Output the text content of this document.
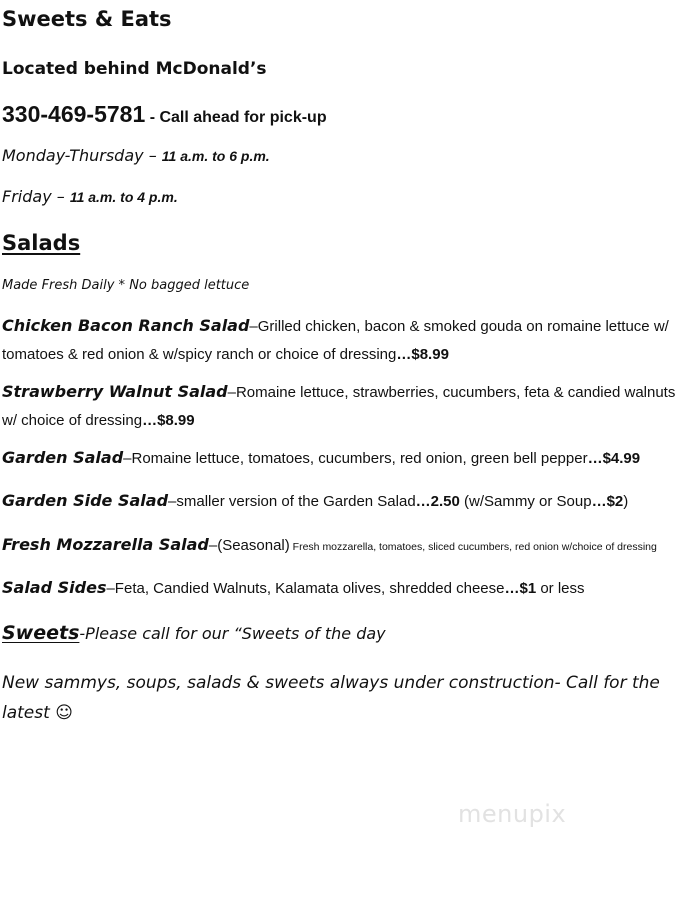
Sweets & Eats
Located behind McDonald’s
330-469-5781 - Call ahead for pick-up
Monday-Thursday – 11 a.m. to 6 p.m.
Friday – 11 a.m. to 4 p.m.
Salads
Made Fresh Daily * No bagged lettuce
Chicken Bacon Ranch Salad–Grilled chicken, bacon & smoked gouda on romaine lettuce w/ tomatoes & red onion & w/spicy ranch or choice of dressing…$8.99
Strawberry Walnut Salad–Romaine lettuce, strawberries, cucumbers, feta & candied walnuts w/ choice of dressing…$8.99
Garden Salad–Romaine lettuce, tomatoes, cucumbers, red onion, green bell pepper…$4.99
Garden Side Salad–smaller version of the Garden Salad…2.50 (w/Sammy or Soup…$2)
Fresh Mozzarella Salad–(Seasonal) Fresh mozzarella, tomatoes, sliced cucumbers, red onion w/choice of dressing
Salad Sides–Feta, Candied Walnuts, Kalamata olives, shredded cheese…$1 or less
Sweets-Please call for our “Sweets of the day
New sammys, soups, salads & sweets always under construction- Call for the latest ☺
menupix
